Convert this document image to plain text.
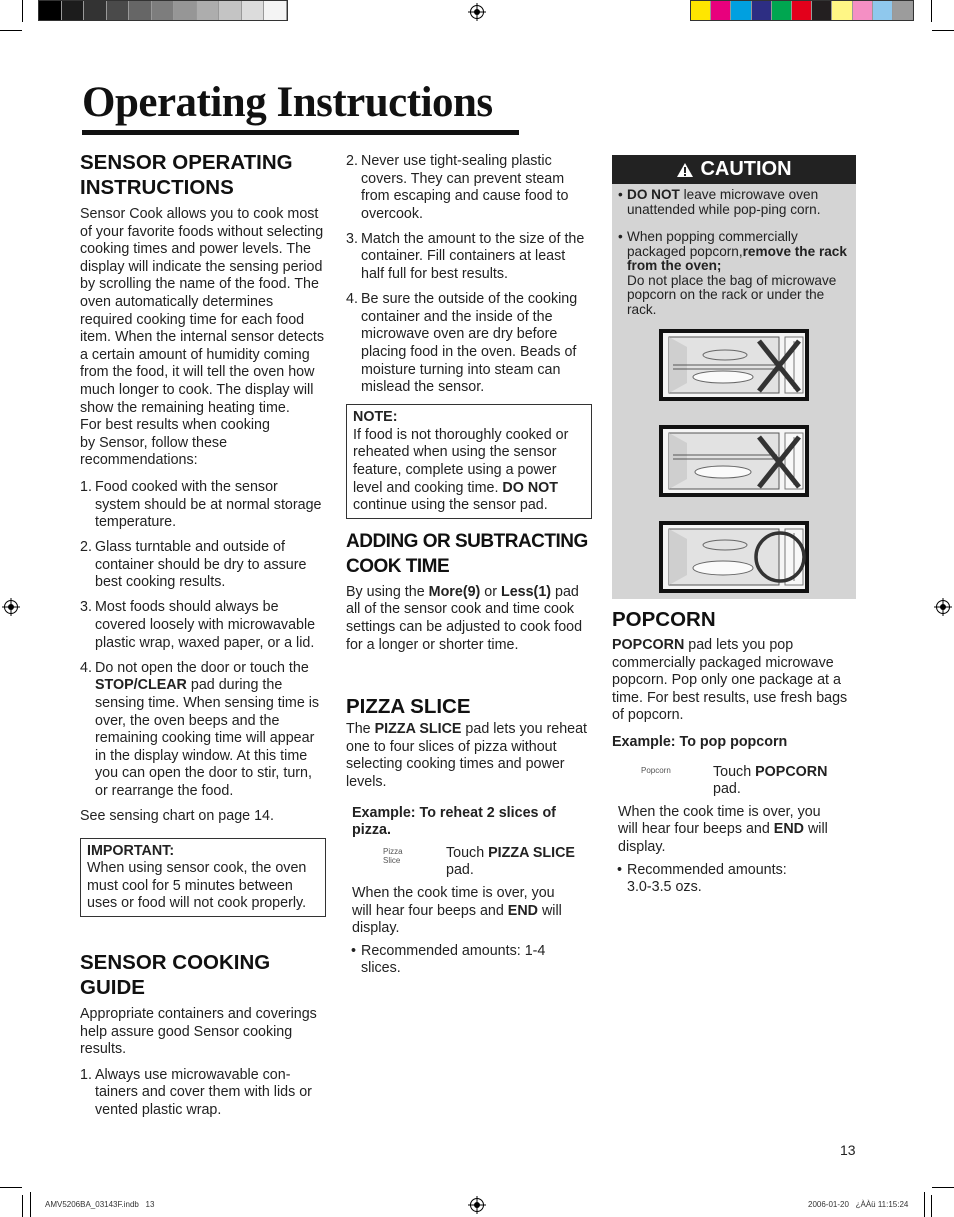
Operating Instructions
SENSOR OPERATING INSTRUCTIONS

Sensor Cook allows you to cook most of your favorite foods without selecting cooking times and power levels. The display will indicate the sensing period by scrolling the name of the food. The oven automatically determines required cooking time for each food item. When the internal sensor detects a certain amount of humidity coming from the food, it will tell the oven how much longer to cook. The display will show the remaining heating time.

For best results when cooking by Sensor, follow these recommendations:

1. Food cooked with the sensor system should be at normal storage temperature.
2. Glass turntable and outside of container should be dry to assure best cooking results.
3. Most foods should always be covered loosely with microwavable plastic wrap, waxed paper, or a lid.
4. Do not open the door or touch the STOP/CLEAR pad during the sensing time. When sensing time is over, the oven beeps and the remaining cooking time will appear in the display window. At this time you can open the door to stir, turn, or rearrange the food.

See sensing chart on page 14.

IMPORTANT:

When using sensor cook, the oven must cool for 5 minutes between uses or food will not cook properly.

SENSOR COOKING GUIDE

Appropriate containers and coverings help assure good Sensor cooking results.

1. Always use microwavable con-tainers and cover them with lids or vented plastic wrap.
2. Never use tight-sealing plastic covers. They can prevent steam from escaping and cause food to overcook.
3. Match the amount to the size of the container. Fill containers at least half full for best results.
4. Be sure the outside of the cooking container and the inside of the microwave oven are dry before placing food in the oven. Beads of moisture turning into steam can mislead the sensor.

NOTE:

If food is not thoroughly cooked or reheated when using the sensor feature, complete using a power level and cooking time. DO NOT continue using the sensor pad.

ADDING OR SUBTRACTING COOK TIME

By using the More(9) or Less(1) pad all of the sensor cook and time cook settings can be adjusted to cook food for a longer or shorter time.

PIZZA SLICE

The PIZZA SLICE pad lets you reheat one to four slices of pizza without selecting cooking times and power levels.

Example: To reheat 2 slices of pizza.

Pizza Slice	Touch PIZZA SLICE pad.

When the cook time is over, you will hear four beeps and END will display.

• Recommended amounts: 1-4 slices.
CAUTION
• DO NOT leave microwave oven unattended while pop-ping corn.
• When popping commercially packaged popcorn,remove the rack from the oven;
Do not place the bag of microwave popcorn on the rack or under the rack.
POPCORN

POPCORN pad lets you pop commercially packaged microwave popcorn. Pop only one package at a time. For best results, use fresh bags of popcorn.

Example: To pop popcorn

Popcorn	Touch POPCORN pad.

When the cook time is over, you will hear four beeps and END will display.

• Recommended amounts: 3.0-3.5 ozs.
13
AMV5206BA_03143F.indb   13	2006-01-20   ¿ÀÀü 11:15:24
